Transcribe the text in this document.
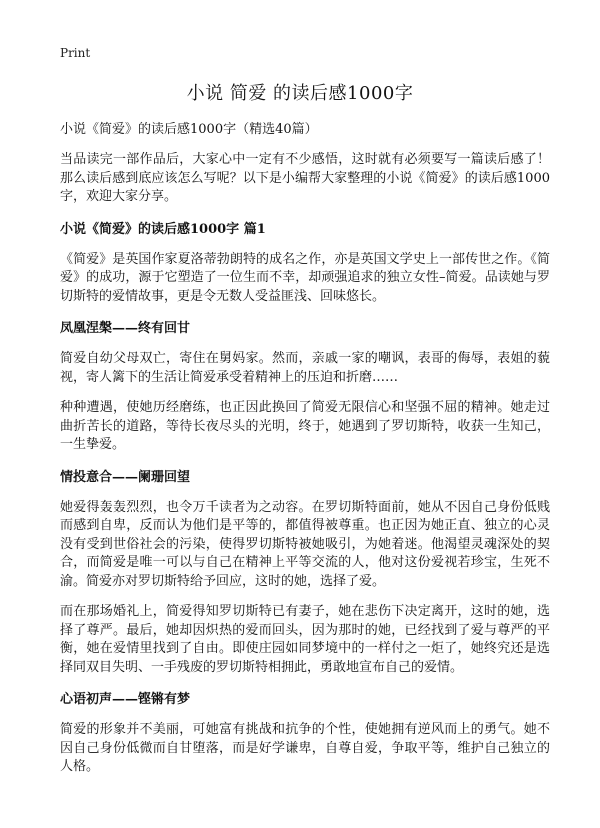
Print
小说 简爱 的读后感1000字
小说《简爱》的读后感1000字（精选40篇）

当品读完一部作品后，大家心中一定有不少感悟，这时就有必须要写一篇读后感了！那么读后感到底应该怎么写呢？以下是小编帮大家整理的小说《简爱》的读后感1000字，欢迎大家分享。

小说《简爱》的读后感1000字 篇1

《简爱》是英国作家夏洛蒂勃朗特的成名之作，亦是英国文学史上一部传世之作。《简爱》的成功，源于它塑造了一位生而不幸，却顽强追求的独立女性–简爱。品读她与罗切斯特的爱情故事，更是令无数人受益匪浅、回味悠长。

凤凰涅槃——终有回甘

简爱自幼父母双亡，寄住在舅妈家。然而，亲戚一家的嘲讽，表哥的侮辱，表姐的藐视，寄人篱下的生活让简爱承受着精神上的压迫和折磨……

种种遭遇，使她历经磨练，也正因此换回了简爱无限信心和坚强不屈的精神。她走过曲折苦长的道路，等待长夜尽头的光明，终于，她遇到了罗切斯特，收获一生知己，一生挚爱。

情投意合——阑珊回望

她爱得轰轰烈烈，也令万千读者为之动容。在罗切斯特面前，她从不因自己身份低贱而感到自卑，反而认为他们是平等的，都值得被尊重。也正因为她正直、独立的心灵没有受到世俗社会的污染，使得罗切斯特被她吸引，为她着迷。他渴望灵魂深处的契合，而简爱是唯一可以与自己在精神上平等交流的人，他对这份爱视若珍宝，生死不渝。简爱亦对罗切斯特给予回应，这时的她，选择了爱。

而在那场婚礼上，简爱得知罗切斯特已有妻子，她在悲伤下决定离开，这时的她，选择了尊严。最后，她却因炽热的爱而回头，因为那时的她，已经找到了爱与尊严的平衡，她在爱情里找到了自由。即使庄园如同梦境中的一样付之一炬了，她终究还是选择同双目失明、一手残废的罗切斯特相拥此，勇敢地宣布自己的爱情。

心语初声——铿锵有梦

简爱的形象并不美丽，可她富有挑战和抗争的个性，使她拥有逆风而上的勇气。她不因自己身份低微而自甘堕落，而是好学谦卑，自尊自爱，争取平等，维护自己独立的人格。
